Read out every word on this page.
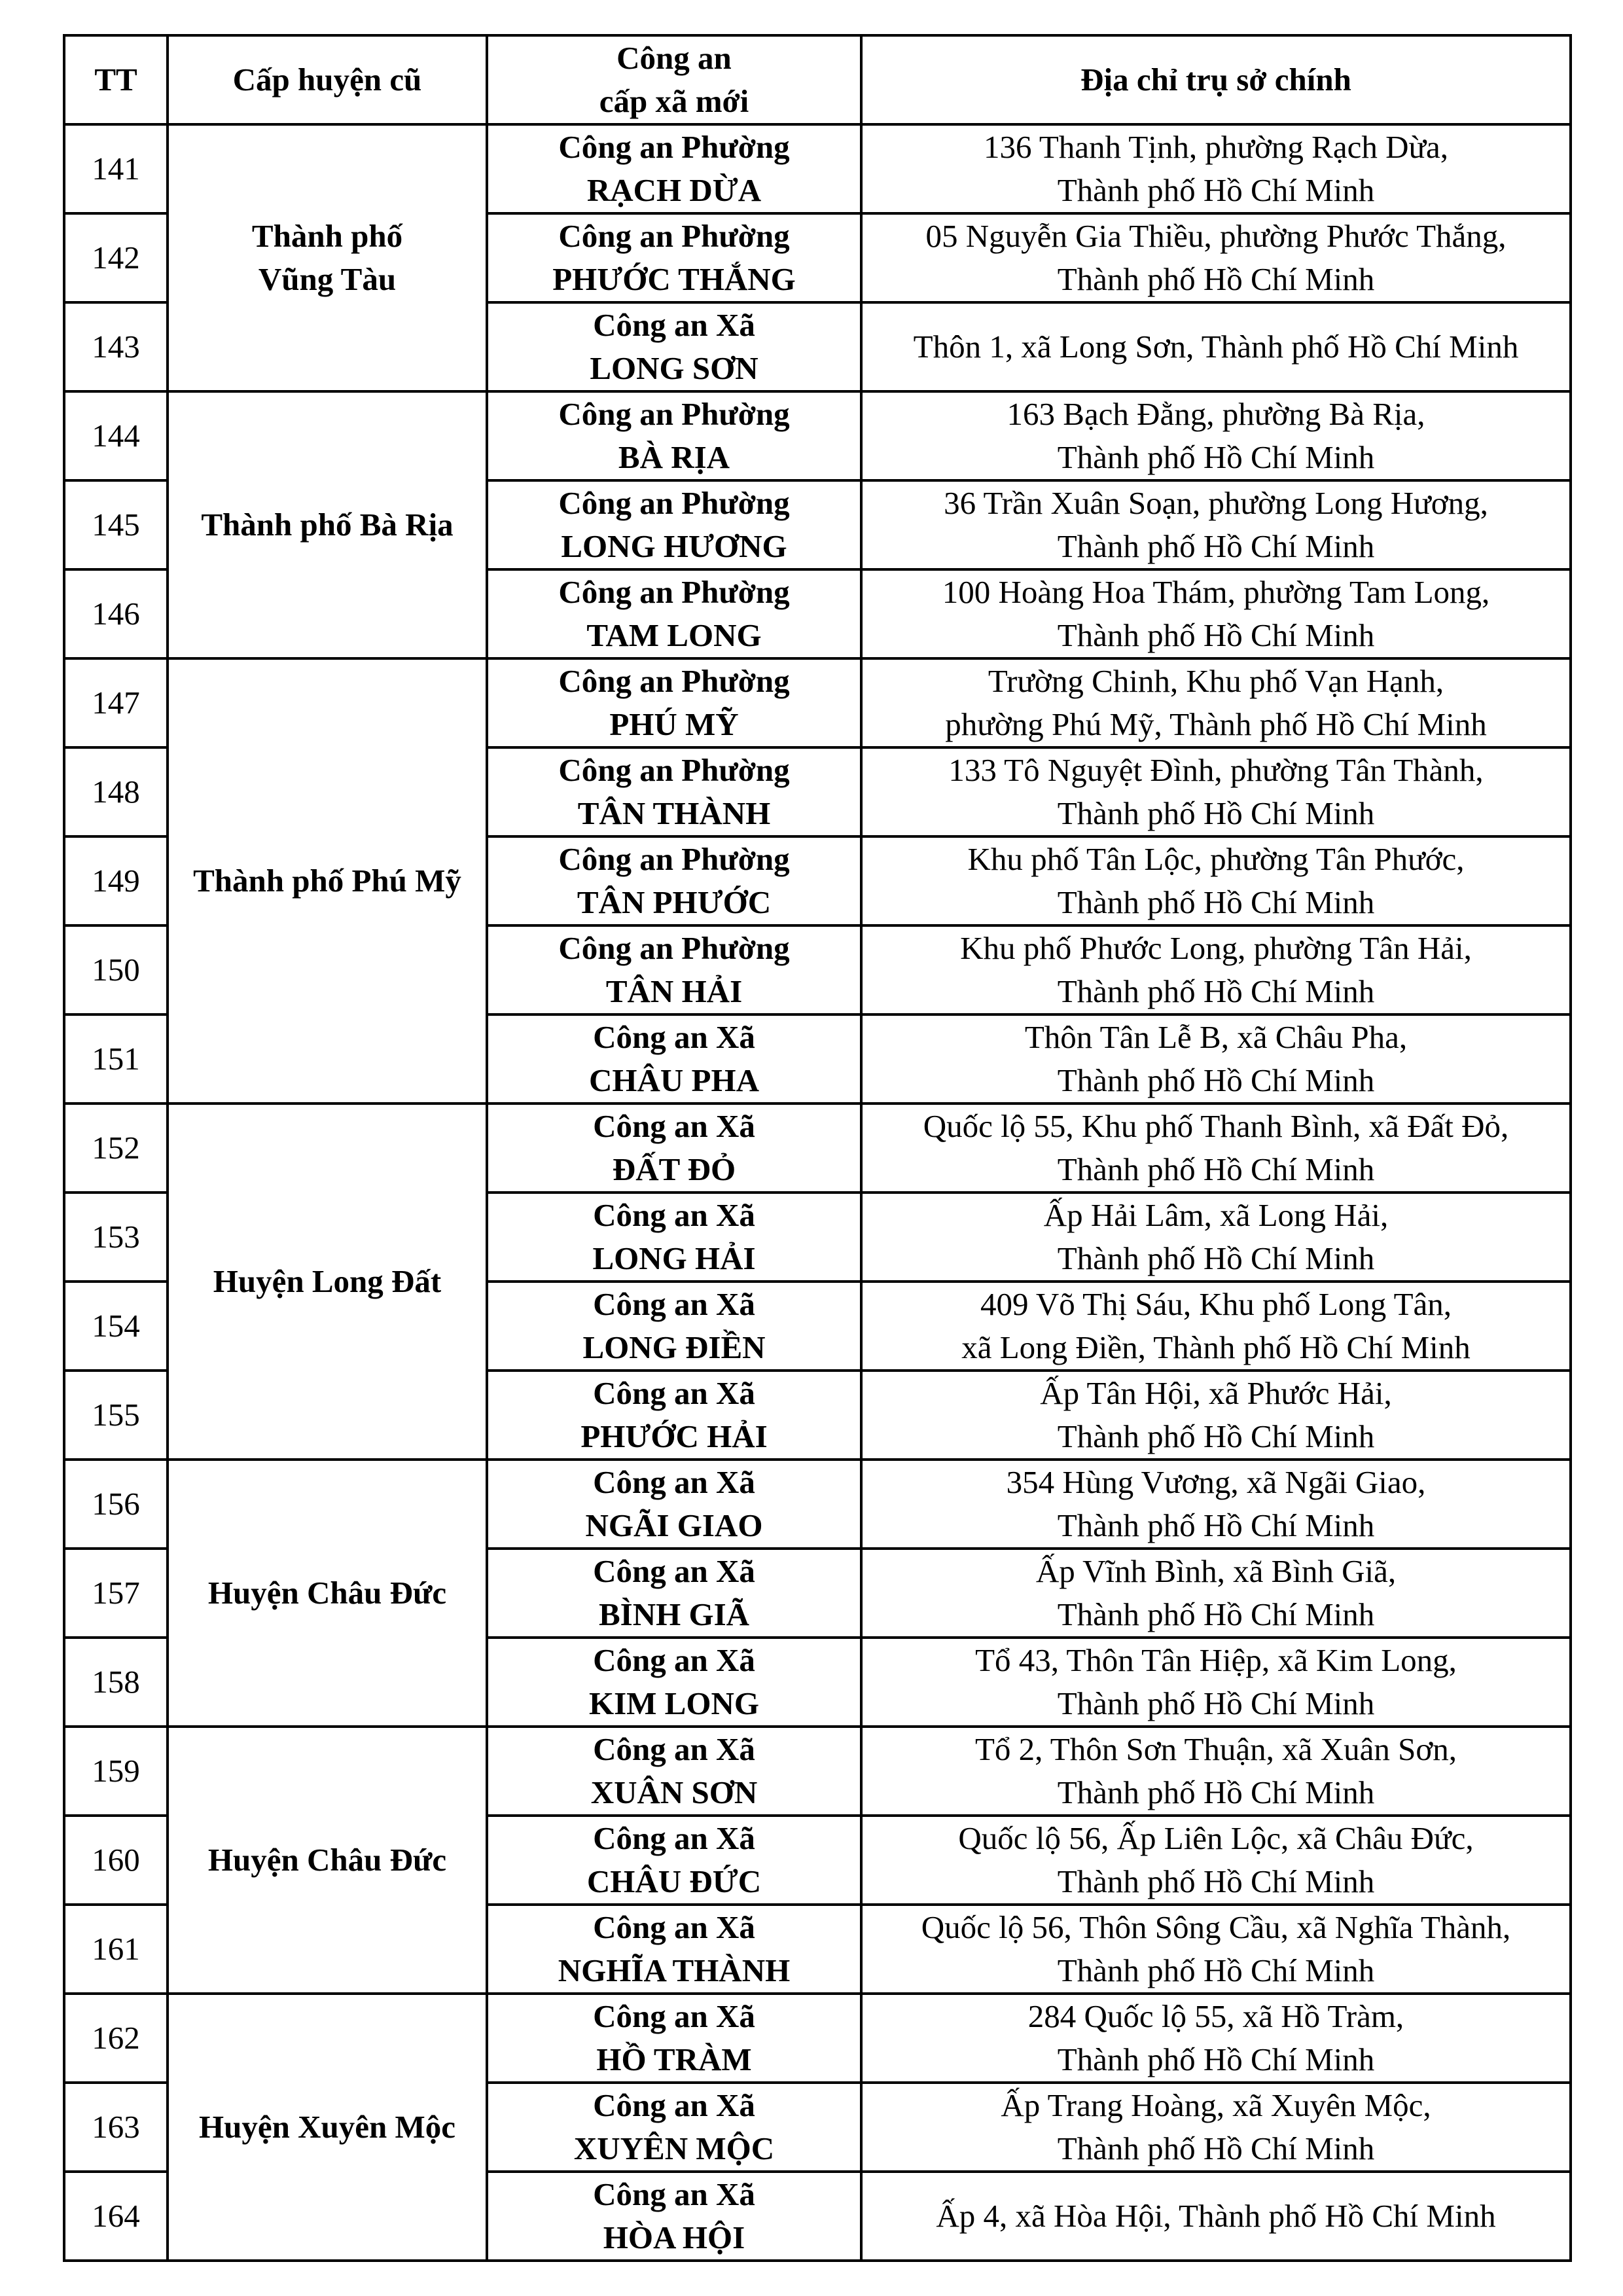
TT	Cấp huyện cũ	Công an
cấp xã mới	Địa chỉ trụ sở chính
141	Thành phố
Vũng Tàu	Công an Phường
RẠCH DỪA	136 Thanh Tịnh, phường Rạch Dừa,
Thành phố Hồ Chí Minh

142		Công an Phường
PHƯỚC THẮNG	05 Nguyễn Gia Thiều, phường Phước Thắng,
Thành phố Hồ Chí Minh

143		Công an Xã
LONG SƠN	Thôn 1, xã Long Sơn, Thành phố Hồ Chí Minh

144	Thành phố Bà Rịa	Công an Phường
BÀ RỊA	163 Bạch Đằng, phường Bà Rịa,
Thành phố Hồ Chí Minh

145		Công an Phường
LONG HƯƠNG	36 Trần Xuân Soạn, phường Long Hương,
Thành phố Hồ Chí Minh

146		Công an Phường
TAM LONG	100 Hoàng Hoa Thám, phường Tam Long,
Thành phố Hồ Chí Minh

147	Thành phố Phú Mỹ	Công an Phường
PHÚ MỸ	Trường Chinh, Khu phố Vạn Hạnh,
phường Phú Mỹ, Thành phố Hồ Chí Minh

148		Công an Phường
TÂN THÀNH	133 Tô Nguyệt Đình, phường Tân Thành,
Thành phố Hồ Chí Minh

149		Công an Phường
TÂN PHƯỚC	Khu phố Tân Lộc, phường Tân Phước,
Thành phố Hồ Chí Minh

150		Công an Phường
TÂN HẢI	Khu phố Phước Long, phường Tân Hải,
Thành phố Hồ Chí Minh

151		Công an Xã
CHÂU PHA	Thôn Tân Lễ B, xã Châu Pha,
Thành phố Hồ Chí Minh

152	Huyện Long Đất	Công an Xã
ĐẤT ĐỎ	Quốc lộ 55, Khu phố Thanh Bình, xã Đất Đỏ,
Thành phố Hồ Chí Minh

153		Công an Xã
LONG HẢI	Ấp Hải Lâm, xã Long Hải,
Thành phố Hồ Chí Minh

154		Công an Xã
LONG ĐIỀN	409 Võ Thị Sáu, Khu phố Long Tân,
xã Long Điền, Thành phố Hồ Chí Minh

155		Công an Xã
PHƯỚC HẢI	Ấp Tân Hội, xã Phước Hải,
Thành phố Hồ Chí Minh

156	Huyện Châu Đức	Công an Xã
NGÃI GIAO	354 Hùng Vương, xã Ngãi Giao,
Thành phố Hồ Chí Minh

157		Công an Xã
BÌNH GIÃ	Ấp Vĩnh Bình, xã Bình Giã,
Thành phố Hồ Chí Minh

158		Công an Xã
KIM LONG	Tổ 43, Thôn Tân Hiệp, xã Kim Long,
Thành phố Hồ Chí Minh

159	Huyện Châu Đức	Công an Xã
XUÂN SƠN	Tổ 2, Thôn Sơn Thuận, xã Xuân Sơn,
Thành phố Hồ Chí Minh

160		Công an Xã
CHÂU ĐỨC	Quốc lộ 56, Ấp Liên Lộc, xã Châu Đức,
Thành phố Hồ Chí Minh

161		Công an Xã
NGHĨA THÀNH	Quốc lộ 56, Thôn Sông Cầu, xã Nghĩa Thành,
Thành phố Hồ Chí Minh

162	Huyện Xuyên Mộc	Công an Xã
HỒ TRÀM	284 Quốc lộ 55, xã Hồ Tràm,
Thành phố Hồ Chí Minh

163		Công an Xã
XUYÊN MỘC	Ấp Trang Hoàng, xã Xuyên Mộc,
Thành phố Hồ Chí Minh

164		Công an Xã
HÒA HỘI	Ấp 4, xã Hòa Hội, Thành phố Hồ Chí Minh
